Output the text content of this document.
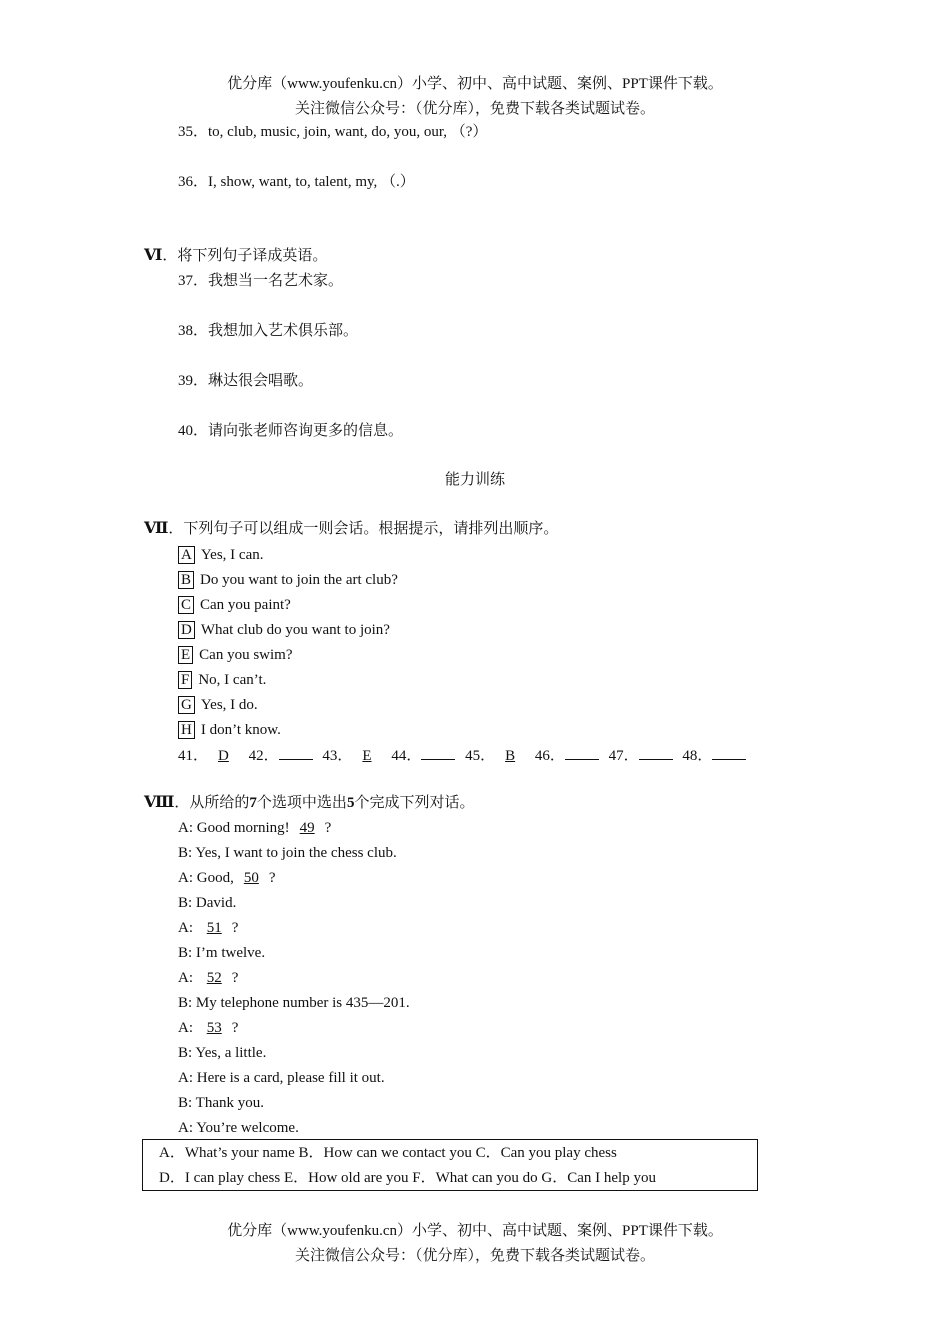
优分库（www.youfenku.cn）小学、初中、高中试题、案例、PPT课件下载。
关注微信公众号：（优分库），免费下载各类试题试卷。
35．to, club, music, join, want, do, you, our, （?）
36．I, show, want, to, talent, my, （.）
Ⅵ．将下列句子译成英语。
37．我想当一名艺术家。
38．我想加入艺术俱乐部。
39．琳达很会唱歌。
40．请向张老师咨询更多的信息。
能力训练
Ⅶ．下列句子可以组成一则会话。根据提示，请排列出顺序。
A Yes, I can.
B Do you want to join the art club?
C Can you paint?
D What club do you want to join?
E Can you swim?
F No, I can’t.
G Yes, I do.
H I don’t know.
41． D 42．	43． E 44．	45． B 46．	47．	48．
Ⅷ．从所给的7个选项中选出5个完成下列对话。
A: Good morning! 49 ?
B: Yes, I want to join the chess club.
A: Good, 50 ?
B: David.
A: 51 ?
B: I’m twelve.
A: 52 ?
B: My telephone number is 435—201.
A: 53 ?
B: Yes, a little.
A: Here is a card, please fill it out.
B: Thank you.
A: You’re welcome.
A．What’s your name B．How can we contact you C．Can you play chess
D．I can play chess E．How old are you F．What can you do G．Can I help you
优分库（www.youfenku.cn）小学、初中、高中试题、案例、PPT课件下载。
关注微信公众号：（优分库），免费下载各类试题试卷。
